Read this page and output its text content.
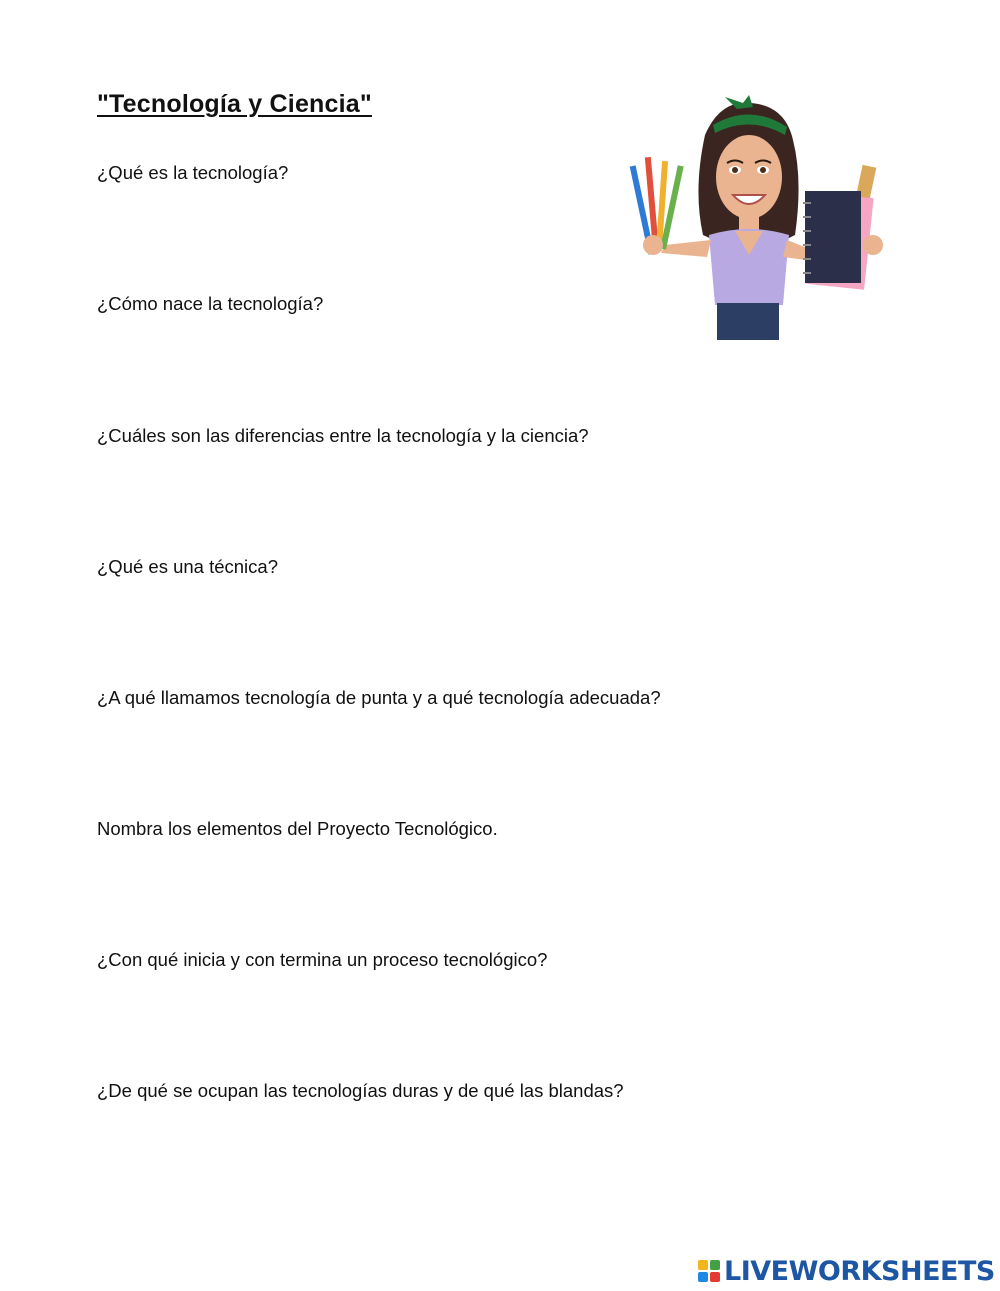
"Tecnología y Ciencia"
¿Qué es la tecnología?
¿Cómo nace la tecnología?
¿Cuáles son las diferencias entre la tecnología y la ciencia?
¿Qué es una técnica?
¿A qué llamamos tecnología de punta y a qué tecnología adecuada?
Nombra los elementos del Proyecto Tecnológico.
¿Con qué inicia y con termina un proceso tecnológico?
¿De qué se ocupan las tecnologías duras y de qué las blandas?
LIVEWORKSHEETS
